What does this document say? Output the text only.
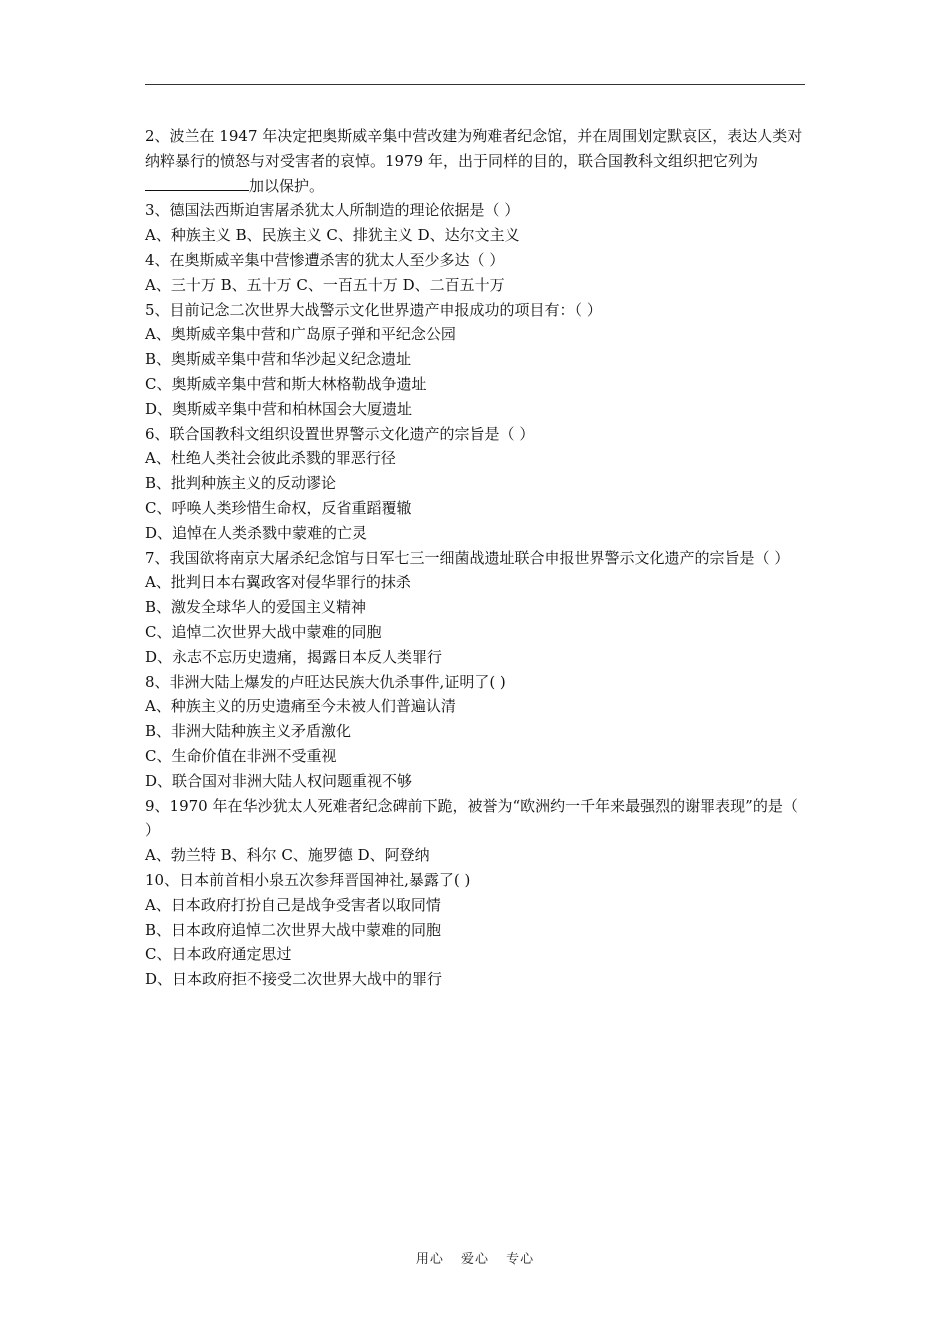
2、波兰在 1947 年决定把奥斯威辛集中营改建为殉难者纪念馆，并在周围划定默哀区，表达人类对纳粹暴行的愤怒与对受害者的哀悼。1979 年，出于同样的目的，联合国教科文组织把它列为加以保护。
3、德国法西斯迫害屠杀犹太人所制造的理论依据是（ ）
A、种族主义 B、民族主义 C、排犹主义 D、达尔文主义
4、在奥斯威辛集中营惨遭杀害的犹太人至少多达（ ）
A、三十万 B、五十万 C、一百五十万 D、二百五十万
5、目前记念二次世界大战警示文化世界遗产申报成功的项目有：（ ）
A、奥斯威辛集中营和广岛原子弹和平纪念公园
B、奥斯威辛集中营和华沙起义纪念遗址
C、奥斯威辛集中营和斯大林格勒战争遗址
D、奥斯威辛集中营和柏林国会大厦遗址
6、联合国教科文组织设置世界警示文化遗产的宗旨是（ ）
A、杜绝人类社会彼此杀戮的罪恶行径
B、批判种族主义的反动谬论
C、呼唤人类珍惜生命权，反省重蹈覆辙
D、追悼在人类杀戮中蒙难的亡灵
7、我国欲将南京大屠杀纪念馆与日军七三一细菌战遗址联合申报世界警示文化遗产的宗旨是（ ）
A、批判日本右翼政客对侵华罪行的抹杀
B、激发全球华人的爱国主义精神
C、追悼二次世界大战中蒙难的同胞
D、永志不忘历史遗痛，揭露日本反人类罪行
8、非洲大陆上爆发的卢旺达民族大仇杀事件,证明了( )
A、种族主义的历史遗痛至今未被人们普遍认清
B、非洲大陆种族主义矛盾激化
C、生命价值在非洲不受重视
D、联合国对非洲大陆人权问题重视不够
9、1970 年在华沙犹太人死难者纪念碑前下跪，被誉为“欧洲约一千年来最强烈的谢罪表现”的是（ ）
A、勃兰特 B、科尔 C、施罗德 D、阿登纳
10、日本前首相小泉五次参拜晋国神社,暴露了( )
A、日本政府打扮自己是战争受害者以取同情
B、日本政府追悼二次世界大战中蒙难的同胞
C、日本政府通定思过
D、日本政府拒不接受二次世界大战中的罪行
用心 爱心 专心
